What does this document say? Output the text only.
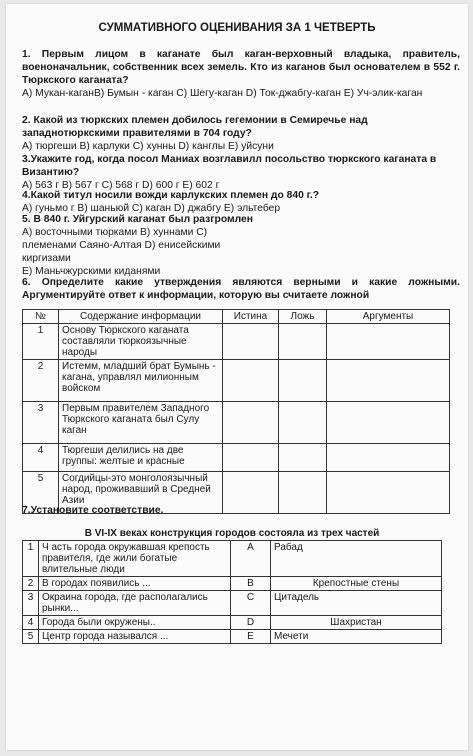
СУММАТИВНОГО ОЦЕНИВАНИЯ ЗА 1 ЧЕТВЕРТЬ
1. Первым лицом в каганате был каган-верховный владыка, правитель, военоначальник, собственник всех земель. Кто из каганов был основателем в 552 г. Тюркского каганата?
А) Мукан-каганВ) Бумын - каган С) Шегу-каган D) Ток-джабгу-каган Е) Уч-элик-каган
2. Какой из тюркских племен добилось гегемонии в Семиречье над западнотюркскими правителями в 704 году?
А) тюргеши В) карлуки С) хунны D) канглы Е) уйсуни
3.Укажите год, когда посол Маниах возглавилл посольство тюркского каганата в Византию?
А) 563 г В) 567 г С) 568 г D) 600 г Е) 602 г
4.Какой титул носили вожди карлукских племен до 840 г.?
А) гуньмо г В) шаньюй С) каган D) джабгу Е) эльтебер
5. В 840 г. Уйгурский каганат был разгромлен
А) восточными тюрками В) хуннами С)
племенами Саяно-Алтая D) енисейскими
киргизами
Е) Маньчжурскими киданями
6. Определите какие утверждения являются верными и какие ложными. Аргументируйте ответ к информации, которую вы считаете ложной
№	Содержание информации	Истина	Ложь	Аргументы
1	Основу Тюркского каганата составляли тюркоязычные народы			
2	Истемм, младший брат Бумынь - кагана, управлял милионным войском			
3	Первым правителем Западного Тюркского каганата был Сулу каган			
4	Тюргеши делились на две группы: желтые и красные			
5	Согдийцы-это монголоязычный народ, проживавший в Средней Азии			
7.Установите соответствие.
В VI-IX веках конструкция городов состояла из трех частей
1	Ч асть города окружавшая крепость правителя, где жили богатые влительные люди	А	Рабад
2	В городах появились ...	В	Крепостные стены
3	Окраина города, где располагались рынки...	С	Цитадель
4	Города были окружены..	D	Шахристан
5	Центр города назывался ...	Е	Мечети
